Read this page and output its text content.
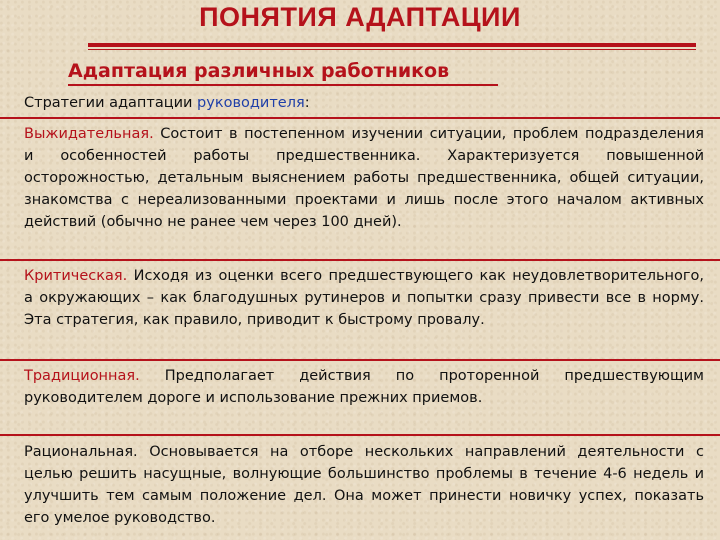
ПОНЯТИЯ АДАПТАЦИИ
Адаптация различных работников
Стратегии адаптации руководителя:
Выжидательная. Состоит в постепенном изучении ситуации, проблем подразделения и особенностей работы предшественника. Характеризуется повышенной осторожностью, детальным выяснением работы предшественника, общей ситуации, знакомства с нереализованными проектами и лишь после этого началом активных действий (обычно не ранее чем через 100 дней).
Критическая. Исходя из оценки всего предшествующего как неудовлетворительного, а окружающих – как благодушных рутинеров и попытки сразу привести все в норму. Эта стратегия, как правило, приводит к быстрому провалу.
Традиционная. Предполагает действия по проторенной предшествующим руководителем дороге и использование прежних приемов.
Рациональная. Основывается на отборе нескольких направлений деятельности с целью решить насущные, волнующие большинство проблемы в течение 4-6 недель и улучшить тем самым положение дел. Она может принести новичку успех, показать его умелое руководство.
